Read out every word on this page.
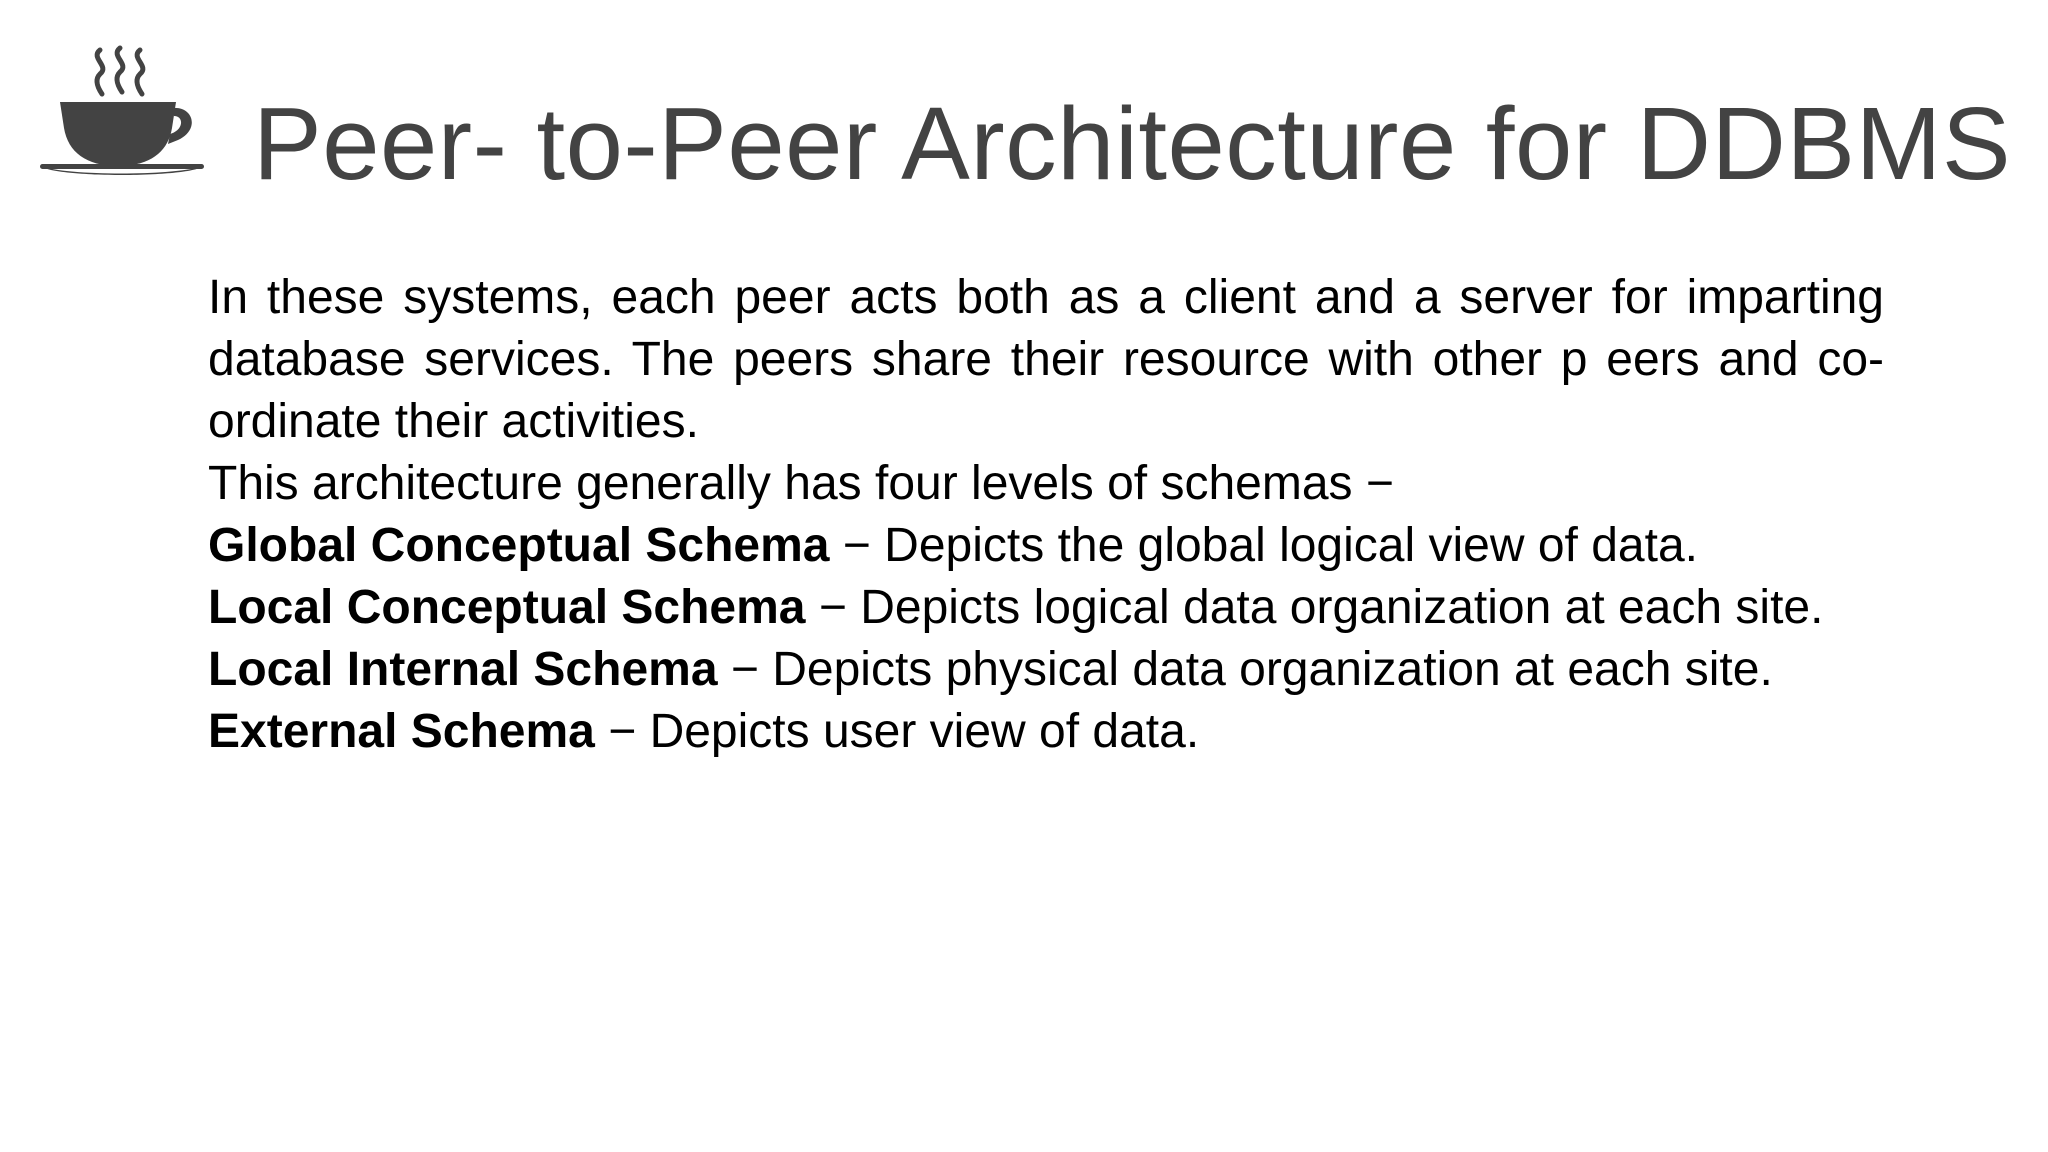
Peer- to-Peer Architecture for DDBMS

In these systems, each peer acts both as a client and a server for imparting database services. The peers share their resource with other p eers and co-ordinate their activities.

This architecture generally has four levels of schemas −

Global Conceptual Schema − Depicts the global logical view of data.

Local Conceptual Schema − Depicts logical data organization at each site.

Local Internal Schema − Depicts physical data organization at each site.

External Schema − Depicts user view of data.
